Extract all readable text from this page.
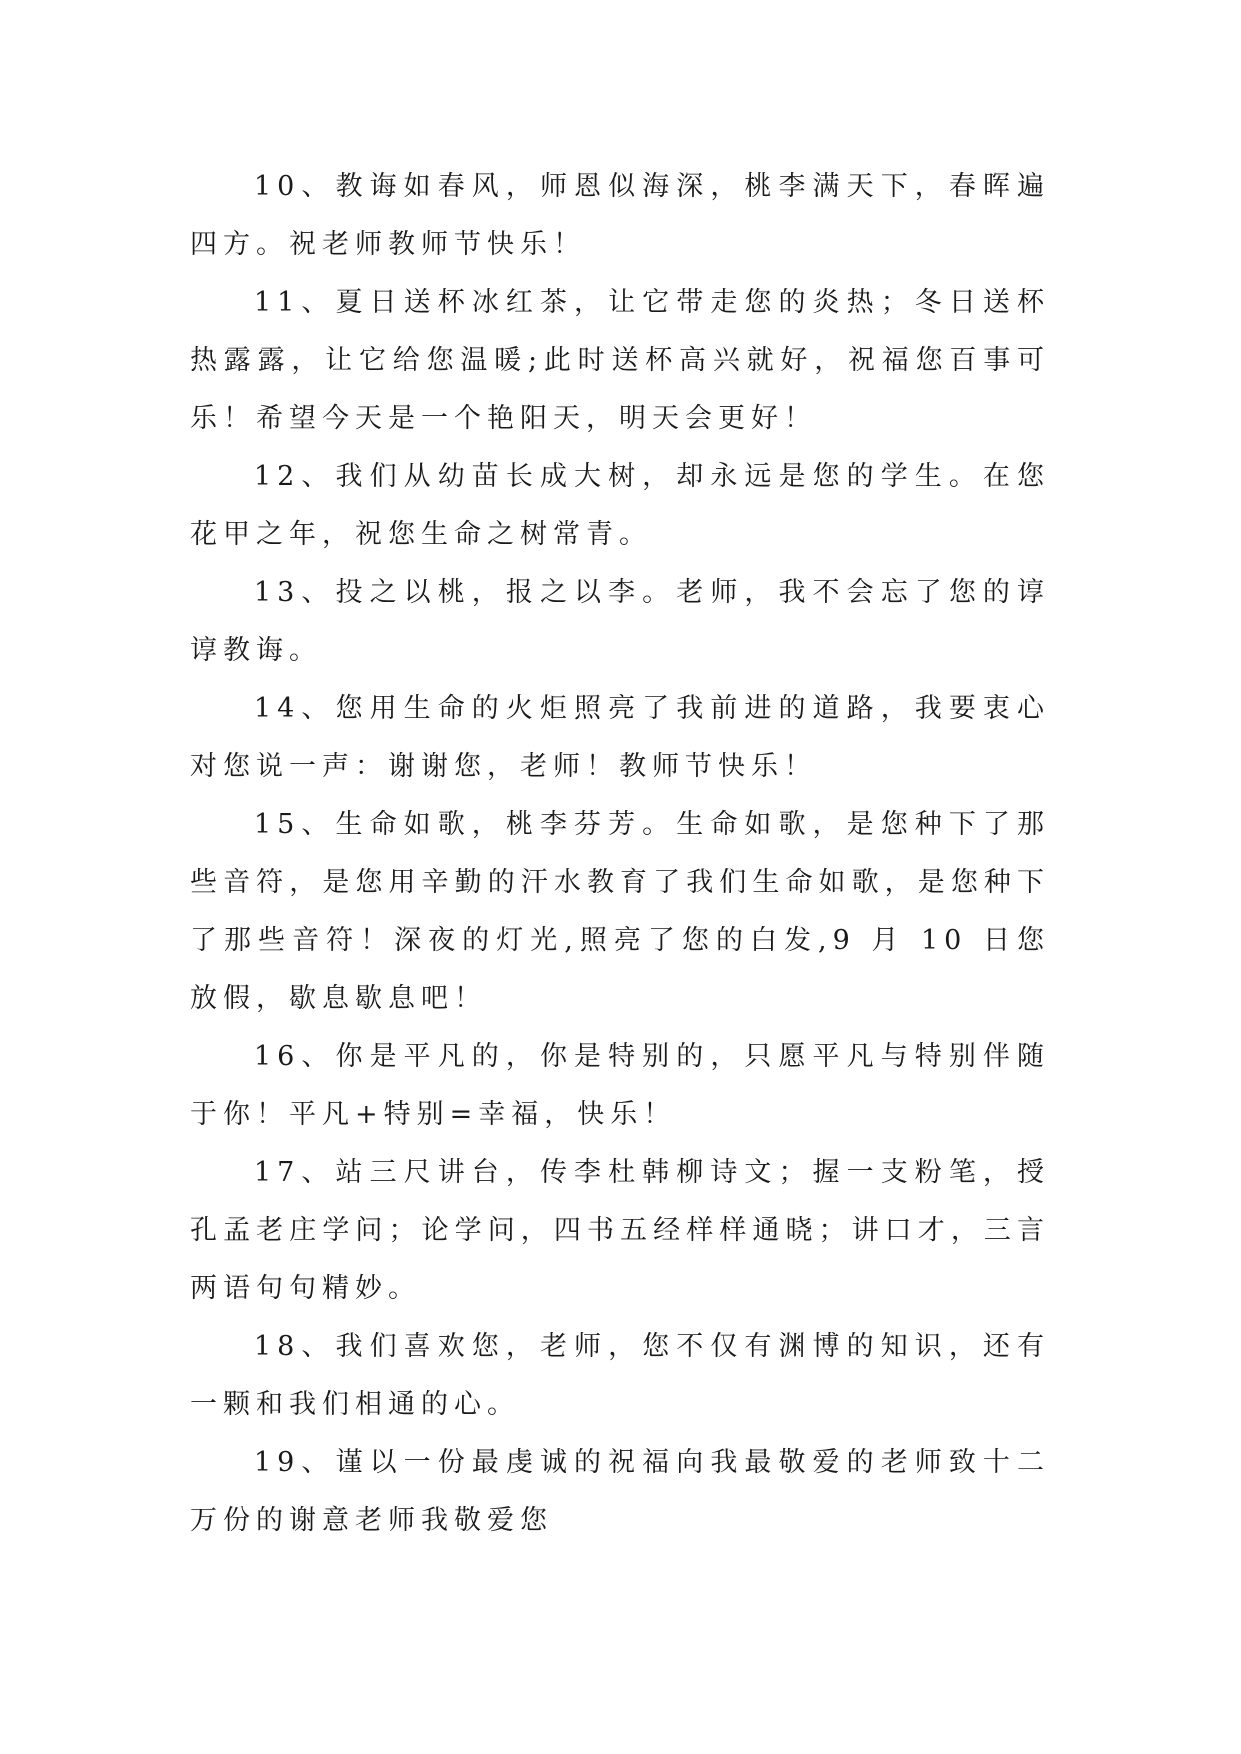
10、教诲如春风，师恩似海深，桃李满天下，春晖遍四方。祝老师教师节快乐！

11、夏日送杯冰红茶，让它带走您的炎热；冬日送杯热露露，让它给您温暖;此时送杯高兴就好，祝福您百事可乐！希望今天是一个艳阳天，明天会更好！

12、我们从幼苗长成大树，却永远是您的学生。在您花甲之年，祝您生命之树常青。

13、投之以桃，报之以李。老师，我不会忘了您的谆谆教诲。

14、您用生命的火炬照亮了我前进的道路，我要衷心对您说一声：谢谢您，老师！教师节快乐！

15、生命如歌，桃李芬芳。生命如歌，是您种下了那些音符，是您用辛勤的汗水教育了我们生命如歌，是您种下了那些音符！深夜的灯光,照亮了您的白发,9 月 10 日您放假，歇息歇息吧！

16、你是平凡的，你是特别的，只愿平凡与特别伴随于你！平凡+特别=幸福，快乐！

17、站三尺讲台，传李杜韩柳诗文；握一支粉笔，授孔孟老庄学问；论学问，四书五经样样通晓；讲口才，三言两语句句精妙。

18、我们喜欢您，老师，您不仅有渊博的知识，还有一颗和我们相通的心。

19、谨以一份最虔诚的祝福向我最敬爱的老师致十二万份的谢意老师我敬爱您
